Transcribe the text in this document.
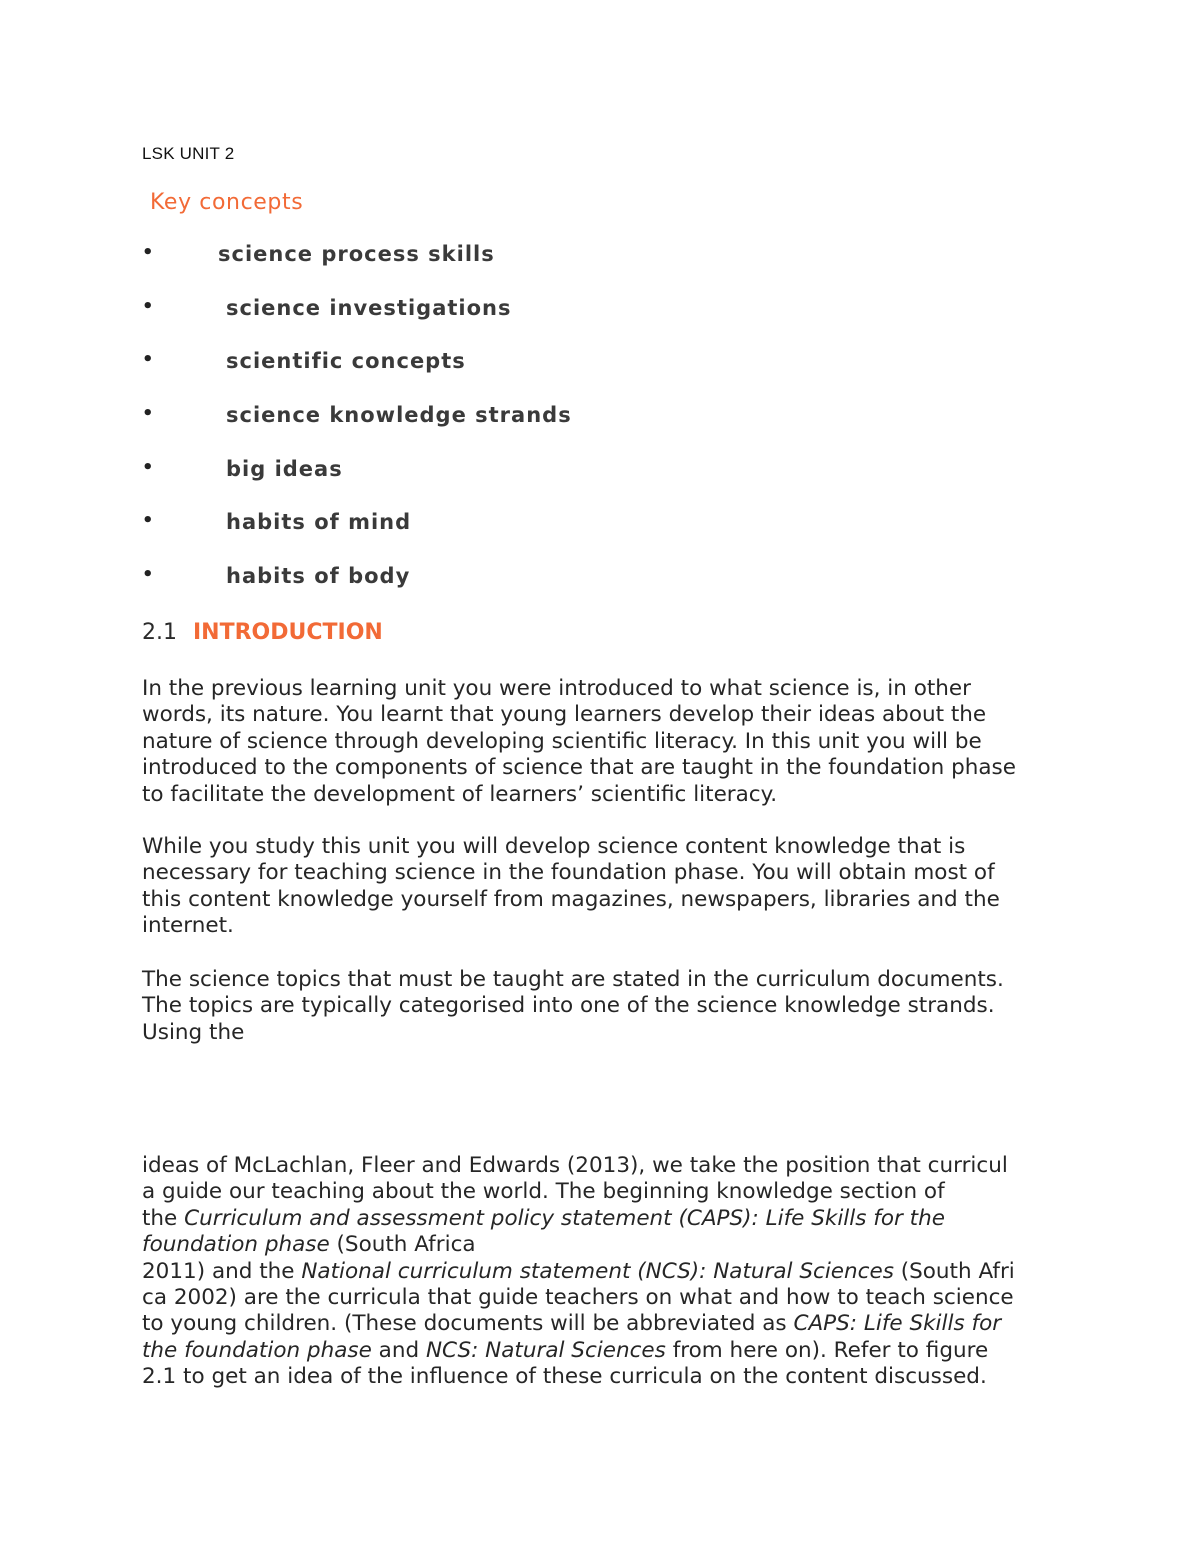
LSK UNIT 2
Key concepts
•	science process skills
•	science investigations
•	scientific concepts
•	science knowledge strands
•	big ideas
•	habits of mind
•	habits of body
2.1 INTRODUCTION

In the previous learning unit you were introduced to what science is, in other
words, its nature. You learnt that young learners develop their ideas about the
nature of science through developing scientific literacy. In this unit you will be
introduced to the components of science that are taught in the foundation phase
to facilitate the development of learners’ scientific literacy.

While you study this unit you will develop science content knowledge that is
necessary for teaching science in the foundation phase. You will obtain most of
this content knowledge yourself from magazines, newspapers, libraries and the
internet.

The science topics that must be taught are stated in the curriculum documents.
The topics are typically categorised into one of the science knowledge strands.
Using the

ideas of McLachlan, Fleer and Edwards (2013), we take the position that curricul
a guide our teaching about the world. The beginning knowledge section of
the Curriculum and assessment policy statement (CAPS): Life Skills for the
foundation phase (South Africa
2011) and the National curriculum statement (NCS): Natural Sciences (South Afri
ca 2002) are the curricula that guide teachers on what and how to teach science
to young children. (These documents will be abbreviated as CAPS: Life Skills for
the foundation phase and NCS: Natural Sciences from here on). Refer to figure
2.1 to get an idea of the influence of these curricula on the content discussed.
